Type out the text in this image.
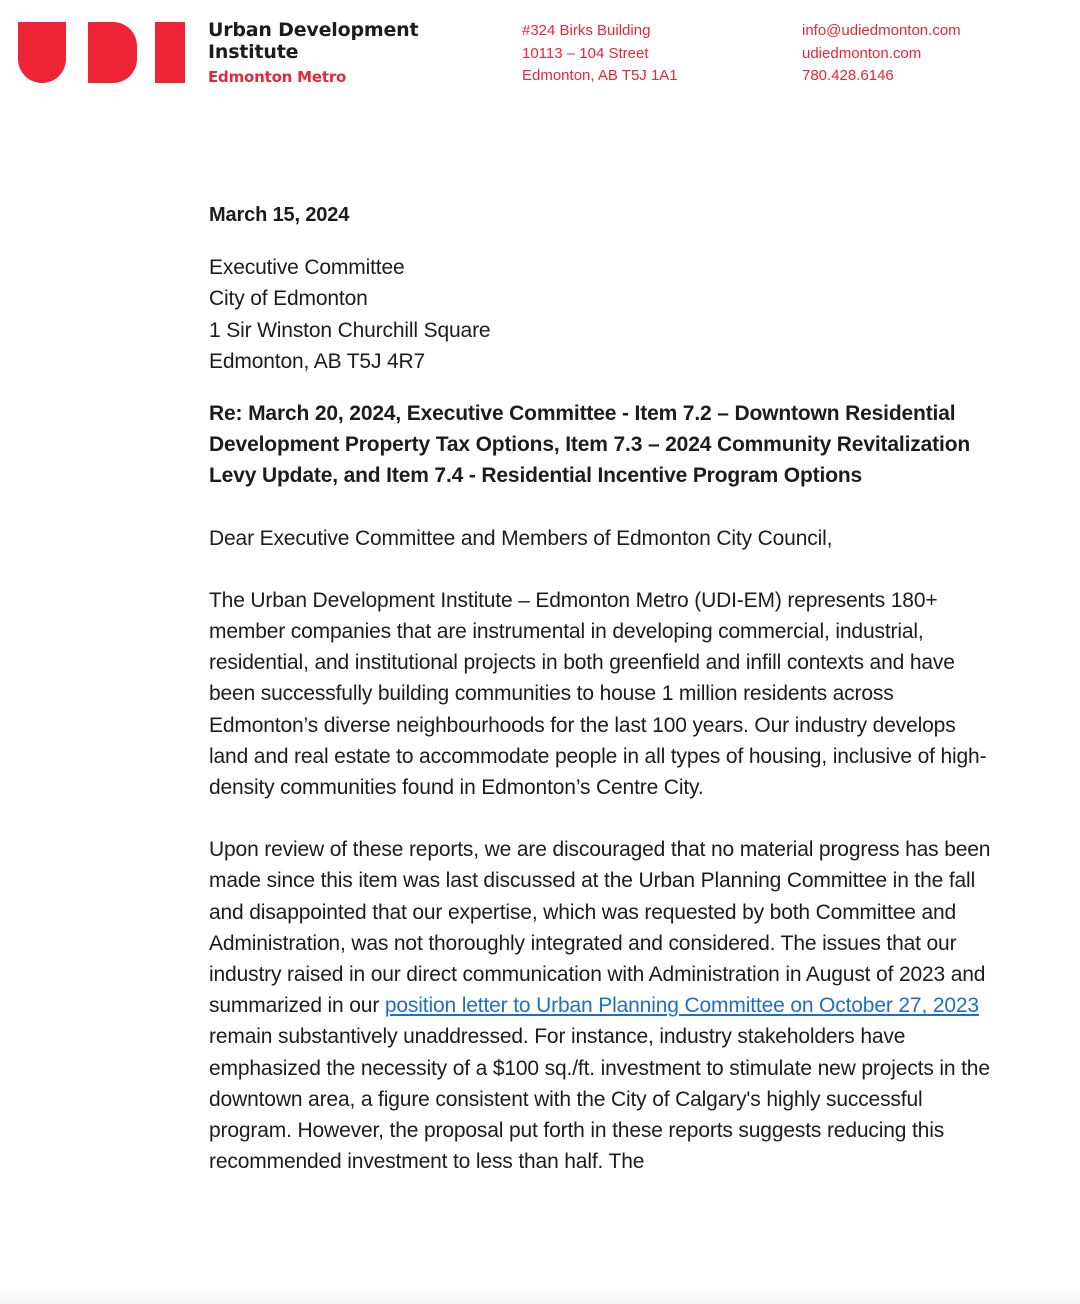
Urban Development
Institute
Edmonton Metro
#324 Birks Building
10113 – 104 Street
Edmonton, AB T5J 1A1
info@udiedmonton.com
udiedmonton.com
780.428.6146
March 15, 2024
Executive Committee
City of Edmonton
1 Sir Winston Churchill Square
Edmonton, AB T5J 4R7
Re: March 20, 2024, Executive Committee - Item 7.2 – Downtown Residential Development Property Tax Options, Item 7.3 – 2024 Community Revitalization Levy Update, and Item 7.4 - Residential Incentive Program Options
Dear Executive Committee and Members of Edmonton City Council,

The Urban Development Institute – Edmonton Metro (UDI-EM) represents 180+ member companies that are instrumental in developing commercial, industrial, residential, and institutional projects in both greenfield and infill contexts and have been successfully building communities to house 1 million residents across Edmonton’s diverse neighbourhoods for the last 100 years. Our industry develops land and real estate to accommodate people in all types of housing, inclusive of high-density communities found in Edmonton’s Centre City.

Upon review of these reports, we are discouraged that no material progress has been made since this item was last discussed at the Urban Planning Committee in the fall and disappointed that our expertise, which was requested by both Committee and Administration, was not thoroughly integrated and considered. The issues that our industry raised in our direct communication with Administration in August of 2023 and summarized in our position letter to Urban Planning Committee on October 27, 2023 remain substantively unaddressed. For instance, industry stakeholders have emphasized the necessity of a $100 sq./ft. investment to stimulate new projects in the downtown area, a figure consistent with the City of Calgary's highly successful program. However, the proposal put forth in these reports suggests reducing this recommended investment to less than half. The
